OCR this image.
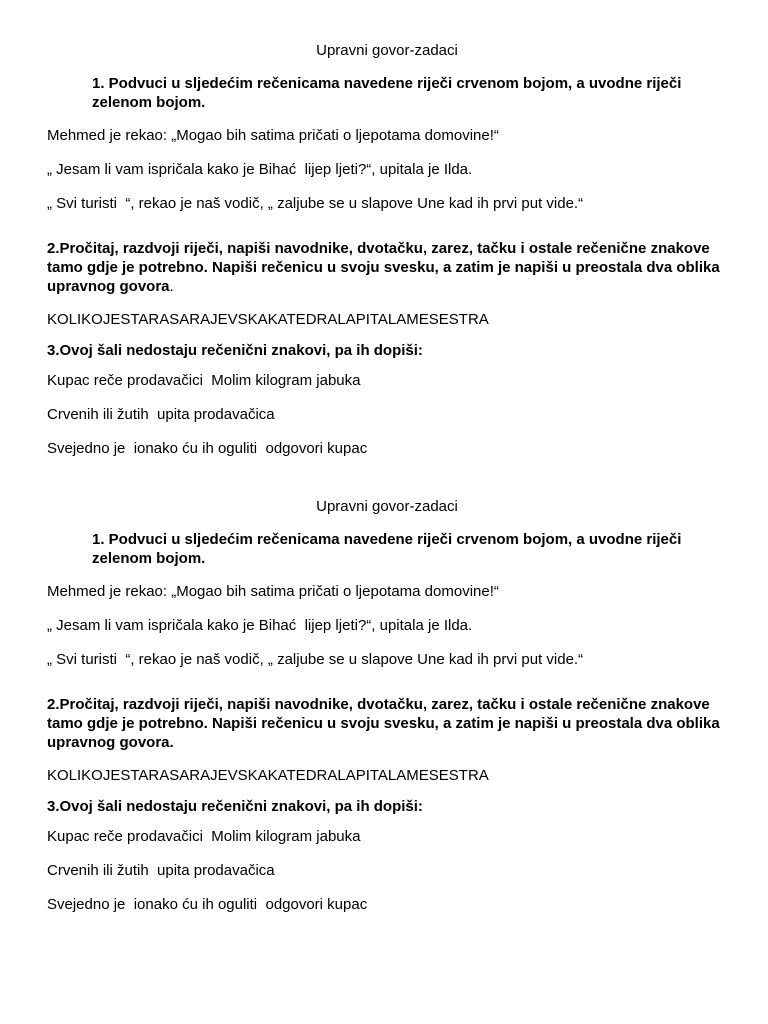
Upravni govor-zadaci
1. Podvuci u sljedećim rečenicama navedene riječi crvenom bojom, a uvodne riječi zelenom bojom.
Mehmed je rekao: „Mogao bih satima pričati o ljepotama domovine!“
„ Jesam li vam ispričala kako je Bihać  lijep ljeti?“, upitala je Ilda.
„ Svi turisti  “, rekao je naš vodič, „ zaljube se u slapove Une kad ih prvi put vide.“
2.Pročitaj, razdvoji riječi, napiši navodnike, dvotačku, zarez, tačku i ostale rečenične znakove tamo gdje je potrebno. Napiši rečenicu u svoju svesku, a zatim je napiši u preostala dva oblika upravnog govora.
KOLIKOJESTARASARAJEVSKAKATEDRALAPITALAMESESTRA
3.Ovoj šali nedostaju rečenični znakovi, pa ih dopiši:
Kupac reče prodavačici  Molim kilogram jabuka
Crvenih ili žutih  upita prodavačica
Svejedno je  ionako ću ih oguliti  odgovori kupac
Upravni govor-zadaci
1. Podvuci u sljedećim rečenicama navedene riječi crvenom bojom, a uvodne riječi zelenom bojom.
Mehmed je rekao: „Mogao bih satima pričati o ljepotama domovine!“
„ Jesam li vam ispričala kako je Bihać  lijep ljeti?“, upitala je Ilda.
„ Svi turisti  “, rekao je naš vodič, „ zaljube se u slapove Une kad ih prvi put vide.“
2.Pročitaj, razdvoji riječi, napiši navodnike, dvotačku, zarez, tačku i ostale rečenične znakove tamo gdje je potrebno. Napiši rečenicu u svoju svesku, a zatim je napiši u preostala dva oblika upravnog govora.
KOLIKOJESTARASARAJEVSKAKATEDRALAPITALAMESESTRA
3.Ovoj šali nedostaju rečenični znakovi, pa ih dopiši:
Kupac reče prodavačici  Molim kilogram jabuka
Crvenih ili žutih  upita prodavačica
Svejedno je  ionako ću ih oguliti  odgovori kupac
